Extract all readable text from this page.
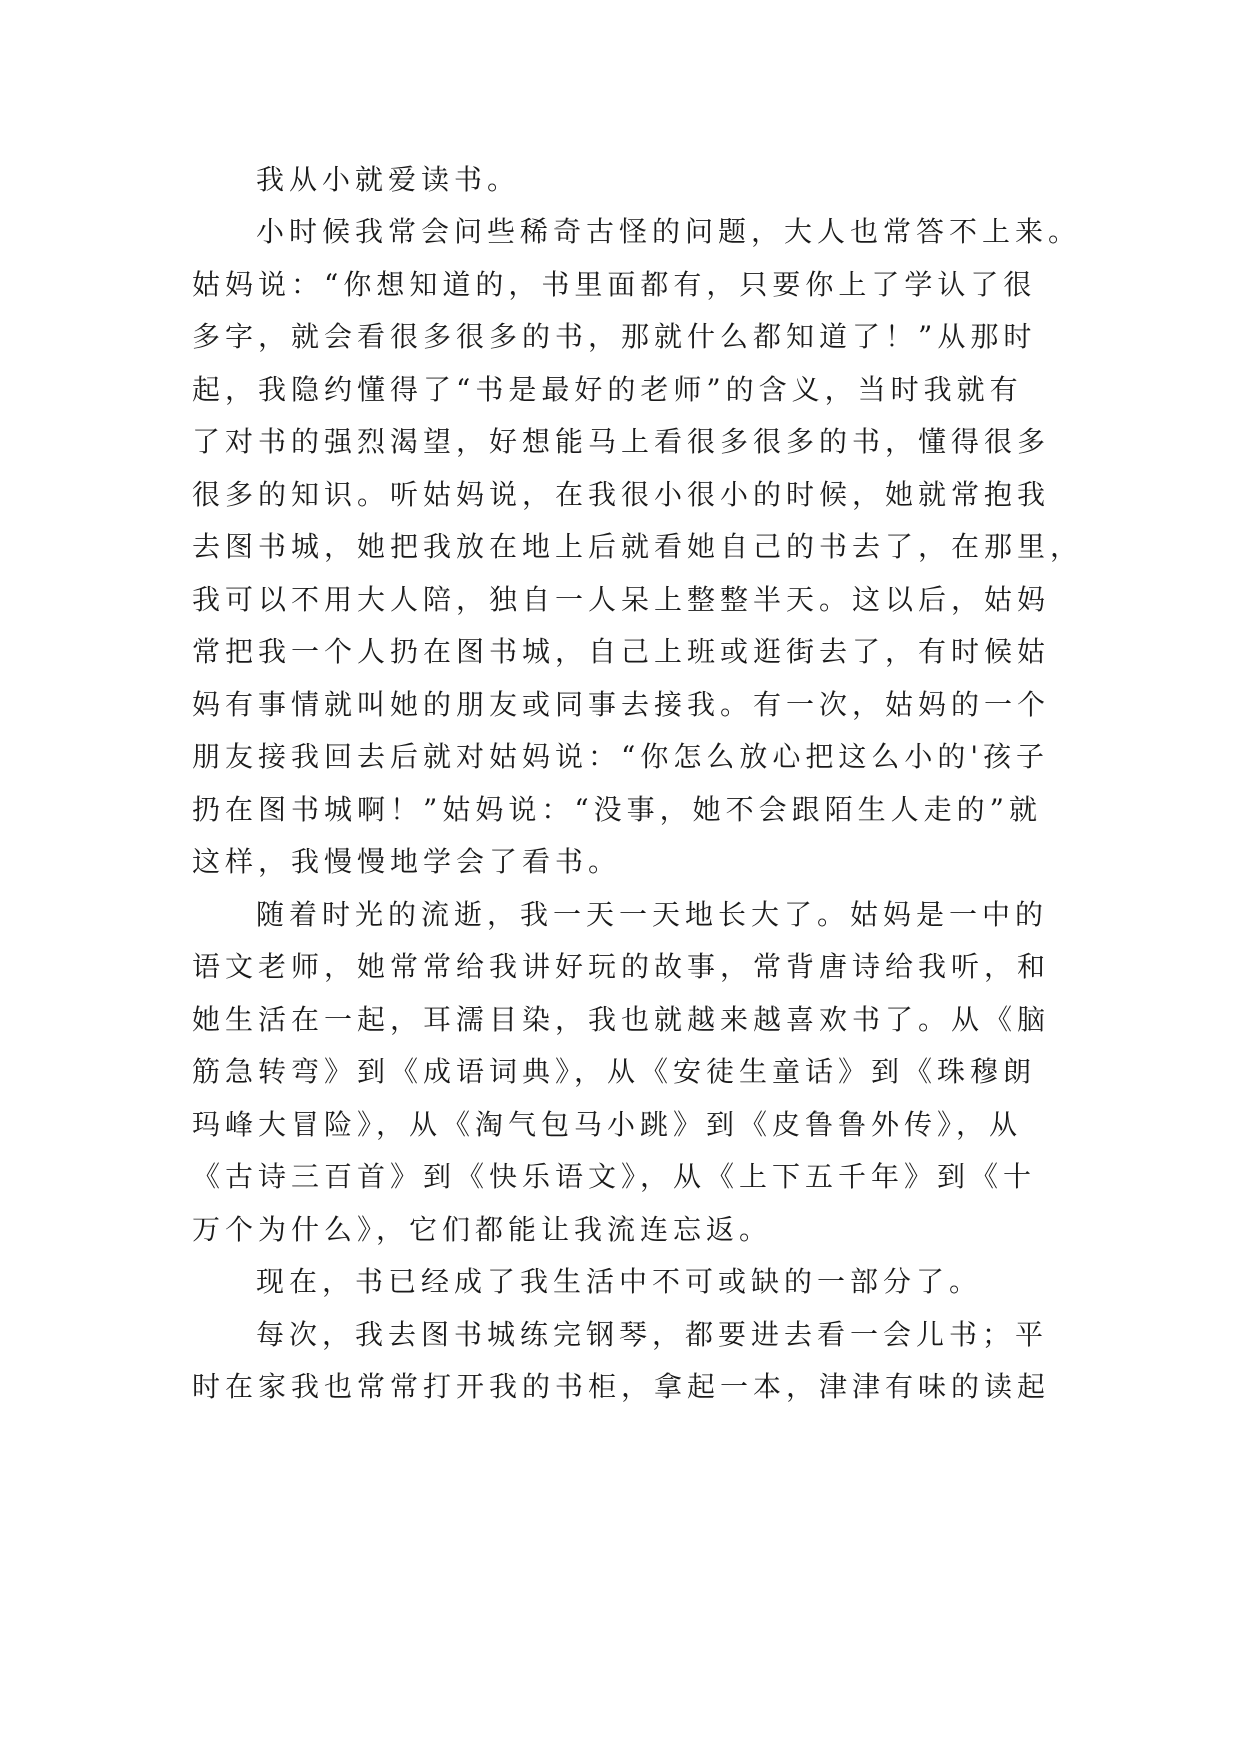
我从小就爱读书。
小时候我常会问些稀奇古怪的问题，大人也常答不上来。
姑妈说：“你想知道的，书里面都有，只要你上了学认了很
多字，就会看很多很多的书，那就什么都知道了！”从那时
起，我隐约懂得了“书是最好的老师”的含义，当时我就有
了对书的强烈渴望，好想能马上看很多很多的书，懂得很多
很多的知识。听姑妈说，在我很小很小的时候，她就常抱我
去图书城，她把我放在地上后就看她自己的书去了，在那里，
我可以不用大人陪，独自一人呆上整整半天。这以后，姑妈
常把我一个人扔在图书城，自己上班或逛街去了，有时候姑
妈有事情就叫她的朋友或同事去接我。有一次，姑妈的一个
朋友接我回去后就对姑妈说：“你怎么放心把这么小的'孩子
扔在图书城啊！”姑妈说：“没事，她不会跟陌生人走的”就
这样，我慢慢地学会了看书。
随着时光的流逝，我一天一天地长大了。姑妈是一中的
语文老师，她常常给我讲好玩的故事，常背唐诗给我听，和
她生活在一起，耳濡目染，我也就越来越喜欢书了。从《脑
筋急转弯》到《成语词典》，从《安徒生童话》到《珠穆朗
玛峰大冒险》，从《淘气包马小跳》到《皮鲁鲁外传》，从
《古诗三百首》到《快乐语文》，从《上下五千年》到《十
万个为什么》，它们都能让我流连忘返。
现在，书已经成了我生活中不可或缺的一部分了。
每次，我去图书城练完钢琴，都要进去看一会儿书；平
时在家我也常常打开我的书柜，拿起一本，津津有味的读起
